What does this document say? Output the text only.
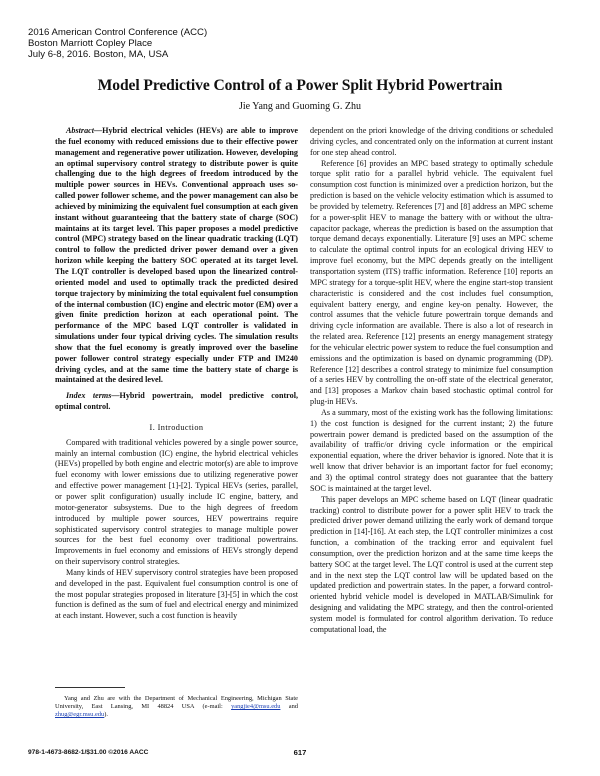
2016 American Control Conference (ACC)
Boston Marriott Copley Place
July 6-8, 2016. Boston, MA, USA
Model Predictive Control of a Power Split Hybrid Powertrain
Jie Yang and Guoming G. Zhu

Abstract—Hybrid electrical vehicles (HEVs) are able to improve the fuel economy with reduced emissions due to their effective power management and regenerative power utilization. However, developing an optimal supervisory control strategy to distribute power is quite challenging due to the high degrees of freedom introduced by the multiple power sources in HEVs. Conventional approach uses so-called power follower scheme, and the power management can also be achieved by minimizing the equivalent fuel consumption at each given instant without guaranteeing that the battery state of charge (SOC) maintains at its target level. This paper proposes a model predictive control (MPC) strategy based on the linear quadratic tracking (LQT) control to follow the predicted driver power demand over a given horizon while keeping the battery SOC operated at its target level. The LQT controller is developed based upon the linearized control-oriented model and used to optimally track the predicted desired torque trajectory by minimizing the total equivalent fuel consumption of the internal combustion (IC) engine and electric motor (EM) over a given finite prediction horizon at each operational point. The performance of the MPC based LQT controller is validated in simulations under four typical driving cycles. The simulation results show that the fuel economy is greatly improved over the baseline power follower control strategy especially under FTP and IM240 driving cycles, and at the same time the battery state of charge is maintained at the desired level.

Index terms—Hybrid powertrain, model predictive control, optimal control.

I. Introduction

Compared with traditional vehicles powered by a single power source, mainly an internal combustion (IC) engine, the hybrid electrical vehicles (HEVs) propelled by both engine and electric motor(s) are able to improve fuel economy with lower emissions due to utilizing regenerative power and effective power management [1]-[2]. Typical HEVs (series, parallel, or power split configuration) usually include IC engine, battery, and motor-generator subsystems. Due to the high degrees of freedom introduced by multiple power sources, HEV powertrains require sophisticated supervisory control strategies to manage multiple power sources for the best fuel economy over traditional powertrains. Improvements in fuel economy and emissions of HEVs strongly depend on their supervisory control strategies.

Many kinds of HEV supervisory control strategies have been proposed and developed in the past. Equivalent fuel consumption control is one of the most popular strategies proposed in literature [3]-[5] in which the cost function is defined as the sum of fuel and electrical energy and minimized at each instant. However, such a cost function is heavily

dependent on the priori knowledge of the driving conditions or scheduled driving cycles, and concentrated only on the information at current instant for one step ahead control.

Reference [6] provides an MPC based strategy to optimally schedule torque split ratio for a parallel hybrid vehicle. The equivalent fuel consumption cost function is minimized over a prediction horizon, but the prediction is based on the vehicle velocity estimation which is assumed to be provided by telemetry. References [7] and [8] address an MPC scheme for a power-split HEV to manage the battery with or without the ultra-capacitor package, whereas the prediction is based on the assumption that torque demand decays exponentially. Literature [9] uses an MPC scheme to calculate the optimal control inputs for an ecological driving HEV to improve fuel economy, but the MPC depends greatly on the intelligent transportation system (ITS) traffic information. Reference [10] reports an MPC strategy for a torque-split HEV, where the engine start-stop transient characteristic is considered and the cost includes fuel consumption, equivalent battery energy, and engine key-on penalty. However, the control assumes that the vehicle future powertrain torque demands and driving cycle information are available. There is also a lot of research in the related area. Reference [12] presents an energy management strategy for the vehicular electric power system to reduce the fuel consumption and emissions and the optimization is based on dynamic programming (DP). Reference [12] describes a control strategy to minimize fuel consumption of a series HEV by controlling the on-off state of the electrical generator, and [13] proposes a Markov chain based stochastic optimal control for plug-in HEVs.

As a summary, most of the existing work has the following limitations: 1) the cost function is designed for the current instant; 2) the future powertrain power demand is predicted based on the assumption of the availability of traffic/or driving cycle information or the empirical exponential equation, where the driver behavior is ignored. Note that it is well know that driver behavior is an important factor for fuel economy; and 3) the optimal control strategy does not guarantee that the battery SOC is maintained at the target level.

This paper develops an MPC scheme based on LQT (linear quadratic tracking) control to distribute power for a power split HEV to track the predicted driver power demand utilizing the early work of demand torque prediction in [14]-[16]. At each step, the LQT controller minimizes a cost function, a combination of the tracking error and equivalent fuel consumption, over the prediction horizon and at the same time keeps the battery SOC at the target level. The LQT control is used at the current step and in the next step the LQT control law will be updated based on the updated prediction and powertrain states. In the paper, a forward control-oriented hybrid vehicle model is developed in MATLAB/Simulink for designing and validating the MPC strategy, and then the control-oriented system model is formulated for control algorithm derivation. To reduce computational load, the

Yang and Zhu are with the Department of Mechanical Engineering, Michigan State University, East Lansing, MI 48824 USA (e-mail: yangjie4@msu.edu and zhug@egr.msu.edu).

978-1-4673-8682-1/$31.00 ©2016 AACC	617
